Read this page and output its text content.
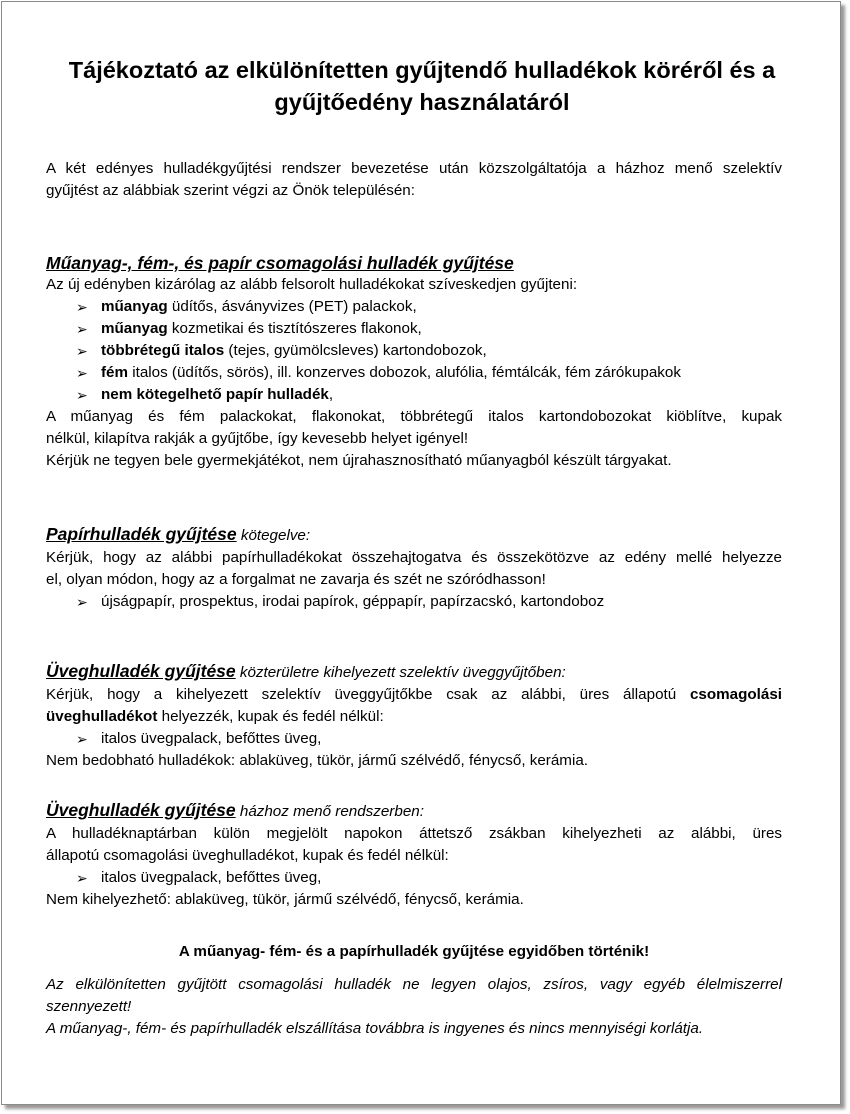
Tájékoztató az elkülönítetten gyűjtendő hulladékok köréről és a
gyűjtőedény használatáról
A két edényes hulladékgyűjtési rendszer bevezetése után közszolgáltatója a házhoz menő szelektív
gyűjtést az alábbiak szerint végzi az Önök településén:
Műanyag-, fém-, és papír csomagolási hulladék gyűjtése
Az új edényben kizárólag az alább felsorolt hulladékokat szíveskedjen gyűjteni:
➢ műanyag üdítős, ásványvizes (PET) palackok,
➢ műanyag kozmetikai és tisztítószeres flakonok,
➢ többrétegű italos (tejes, gyümölcsleves) kartondobozok,
➢ fém italos (üdítős, sörös), ill. konzerves dobozok, alufólia, fémtálcák, fém zárókupakok
➢ nem kötegelhető papír hulladék,
A műanyag és fém palackokat, flakonokat, többrétegű italos kartondobozokat kiöblítve, kupak
nélkül, kilapítva rakják a gyűjtőbe, így kevesebb helyet igényel!
Kérjük ne tegyen bele gyermekjátékot, nem újrahasznosítható műanyagból készült tárgyakat.
Papírhulladék gyűjtése kötegelve:
Kérjük, hogy az alábbi papírhulladékokat összehajtogatva és összekötözve az edény mellé helyezze
el, olyan módon, hogy az a forgalmat ne zavarja és szét ne szóródhasson!
➢ újságpapír, prospektus, irodai papírok, géppapír, papírzacskó, kartondoboz
Üveghulladék gyűjtése közterületre kihelyezett szelektív üveggyűjtőben:
Kérjük, hogy a kihelyezett szelektív üveggyűjtőkbe csak az alábbi, üres állapotú csomagolási
üveghulladékot helyezzék, kupak és fedél nélkül:
➢ italos üvegpalack, befőttes üveg,
Nem bedobható hulladékok: ablaküveg, tükör, jármű szélvédő, fénycső, kerámia.
Üveghulladék gyűjtése házhoz menő rendszerben:
A hulladéknaptárban külön megjelölt napokon áttetsző zsákban kihelyezheti az alábbi, üres
állapotú csomagolási üveghulladékot, kupak és fedél nélkül:
➢ italos üvegpalack, befőttes üveg,
Nem kihelyezhető: ablaküveg, tükör, jármű szélvédő, fénycső, kerámia.
A műanyag- fém- és a papírhulladék gyűjtése egyidőben történik!
Az elkülönítetten gyűjtött csomagolási hulladék ne legyen olajos, zsíros, vagy egyéb élelmiszerrel
szennyezett!
A műanyag-, fém- és papírhulladék elszállítása továbbra is ingyenes és nincs mennyiségi korlátja.
